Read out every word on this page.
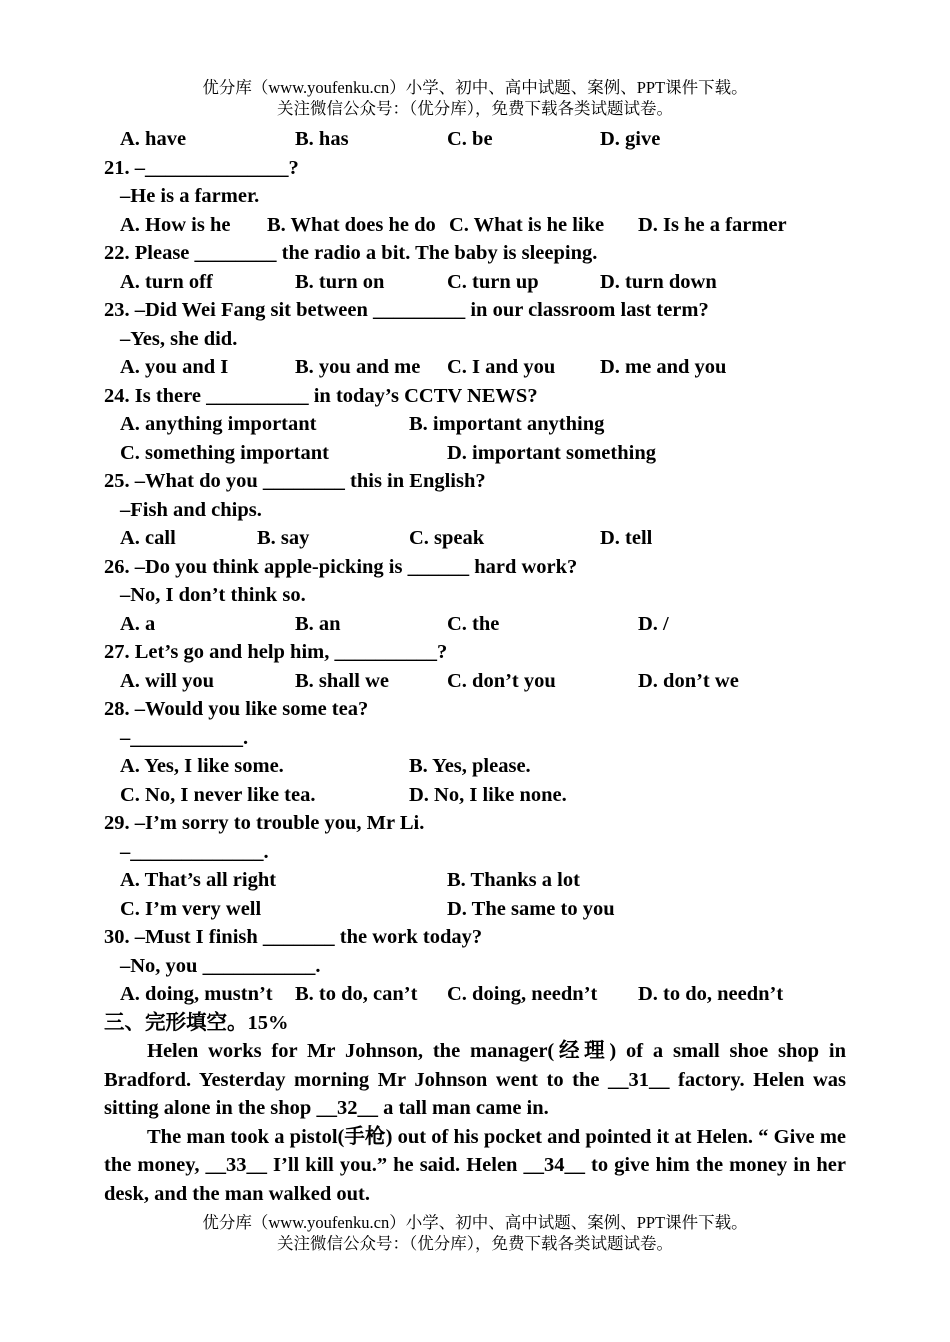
优分库（www.youfenku.cn）小学、初中、高中试题、案例、PPT课件下载。
关注微信公众号：（优分库），免费下载各类试题试卷。
A. have	B. has	C. be	D. give
21. –______________?
–He is a farmer.
A. How is he B. What does he do C. What is he like D. Is he a farmer
22. Please ________ the radio a bit. The baby is sleeping.
A. turn off	B. turn on	C. turn up	D. turn down
23. –Did Wei Fang sit between _________ in our classroom last term?
–Yes, she did.
A. you and I	B. you and me C. I and you D. me and you
24. Is there __________ in today’s CCTV NEWS?
A. anything important	B. important anything
C. something important	D. important something
25. –What do you ________ this in English?
–Fish and chips.
A. call	B. say	C. speak	D. tell
26. –Do you think apple-picking is ______ hard work?
–No, I don’t think so.
A. a	B. an	C. the	D. /
27. Let’s go and help him, __________?
A. will you	B. shall we	C. don’t you	D. don’t we
28. –Would you like some tea?
–___________.
A. Yes, I like some.	B. Yes, please.
C. No, I never like tea.	D. No, I like none.
29. –I’m sorry to trouble you, Mr Li.
–_____________.
A. That’s all right	B. Thanks a lot
C. I’m very well	D. The same to you
30. –Must I finish _______ the work today?
–No, you ___________.
A. doing, mustn’t B. to do, can’t C. doing, needn’t D. to do, needn’t
三、完形填空。15%

Helen works for Mr Johnson, the manager(经理) of a small shoe shop in Bradford. Yesterday morning Mr Johnson went to the __31__ factory. Helen was sitting alone in the shop __32__ a tall man came in.

The man took a pistol(手枪) out of his pocket and pointed it at Helen. “ Give me the money, __33__ I’ll kill you.” he said. Helen __34__ to give him the money in her desk, and the man walked out.

优分库（www.youfenku.cn）小学、初中、高中试题、案例、PPT课件下载。
关注微信公众号：（优分库），免费下载各类试题试卷。
